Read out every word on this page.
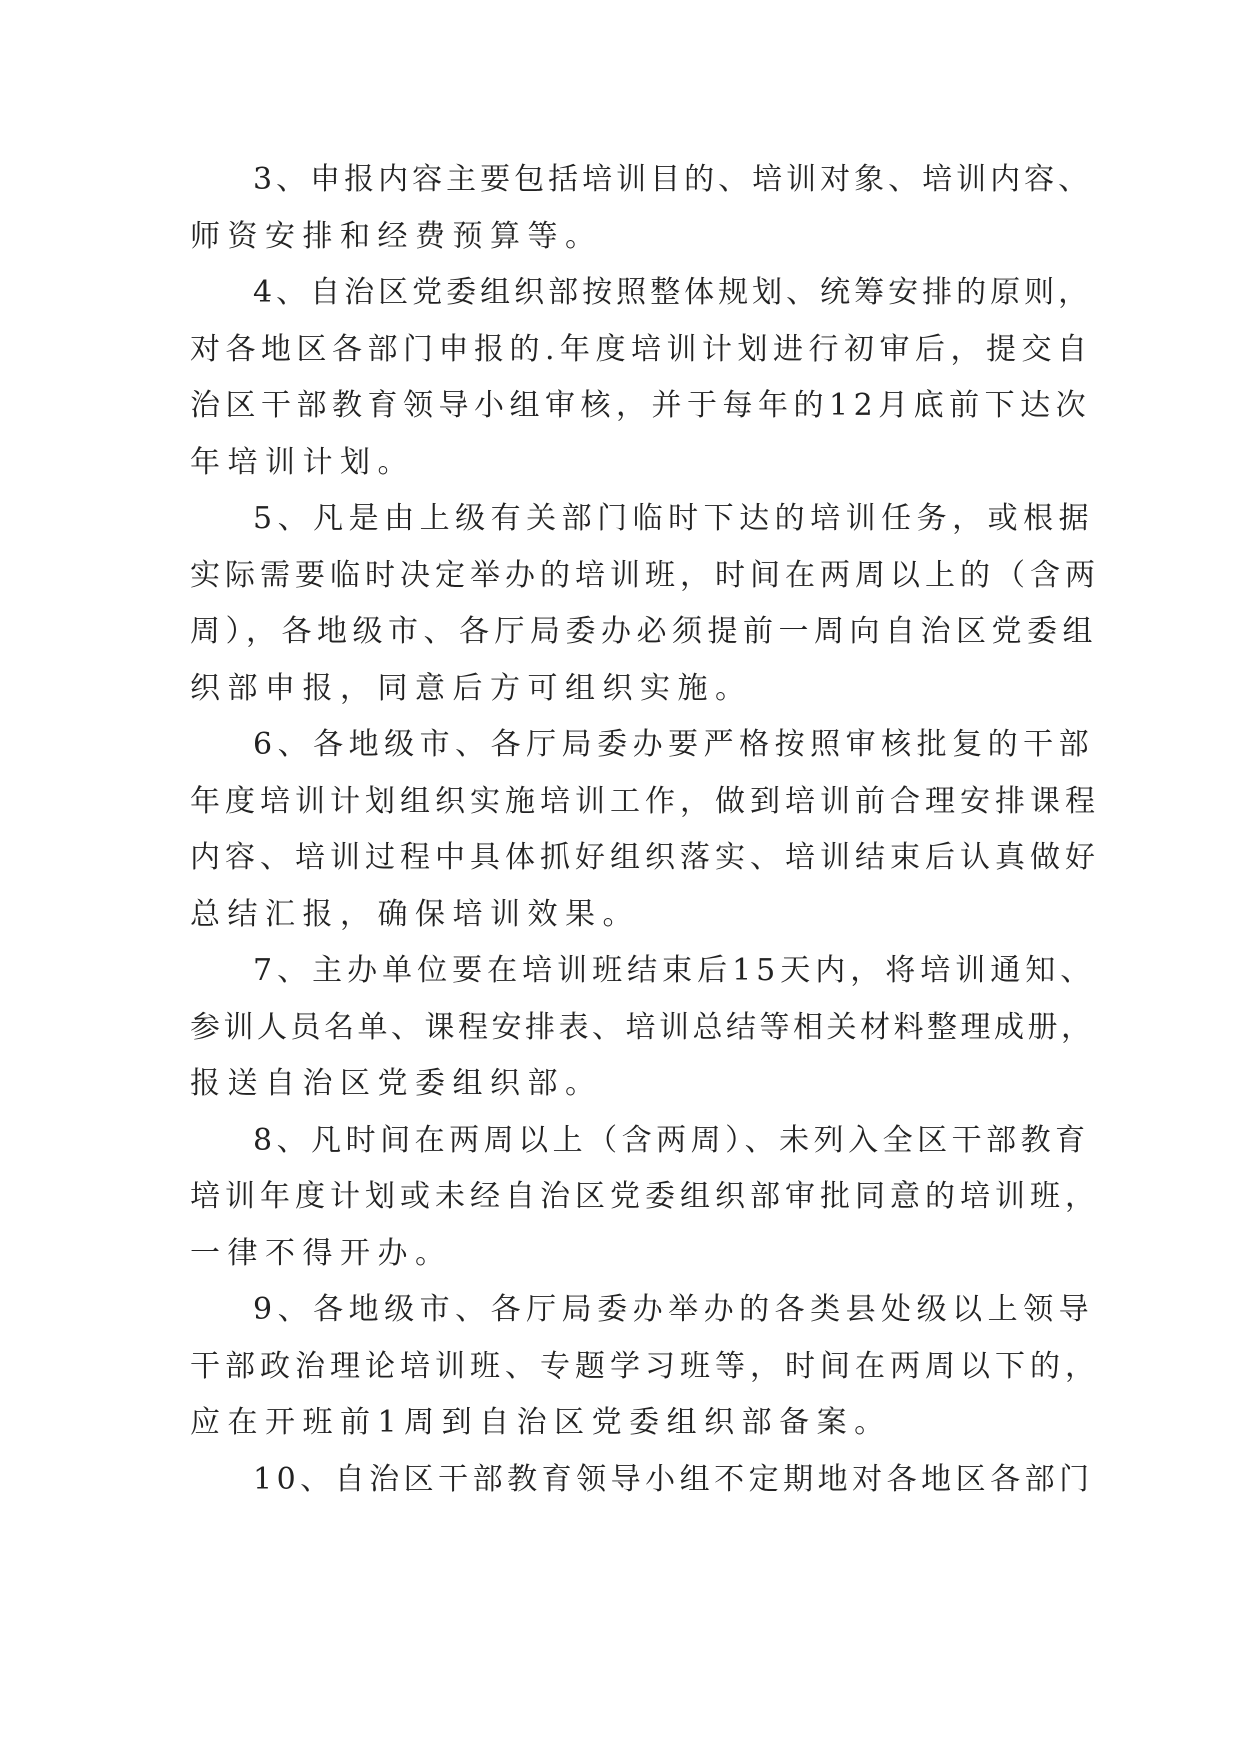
3、申报内容主要包括培训目的、培训对象、培训内容、
师资安排和经费预算等。
4、自治区党委组织部按照整体规划、统筹安排的原则，
对各地区各部门申报的.年度培训计划进行初审后，提交自
治区干部教育领导小组审核，并于每年的12月底前下达次
年培训计划。
5、凡是由上级有关部门临时下达的培训任务，或根据
实际需要临时决定举办的培训班，时间在两周以上的（含两
周），各地级市、各厅局委办必须提前一周向自治区党委组
织部申报，同意后方可组织实施。
6、各地级市、各厅局委办要严格按照审核批复的干部
年度培训计划组织实施培训工作，做到培训前合理安排课程
内容、培训过程中具体抓好组织落实、培训结束后认真做好
总结汇报，确保培训效果。
7、主办单位要在培训班结束后15天内，将培训通知、
参训人员名单、课程安排表、培训总结等相关材料整理成册，
报送自治区党委组织部。
8、凡时间在两周以上（含两周）、未列入全区干部教育
培训年度计划或未经自治区党委组织部审批同意的培训班，
一律不得开办。
9、各地级市、各厅局委办举办的各类县处级以上领导
干部政治理论培训班、专题学习班等，时间在两周以下的，
应在开班前1周到自治区党委组织部备案。
10、自治区干部教育领导小组不定期地对各地区各部门
